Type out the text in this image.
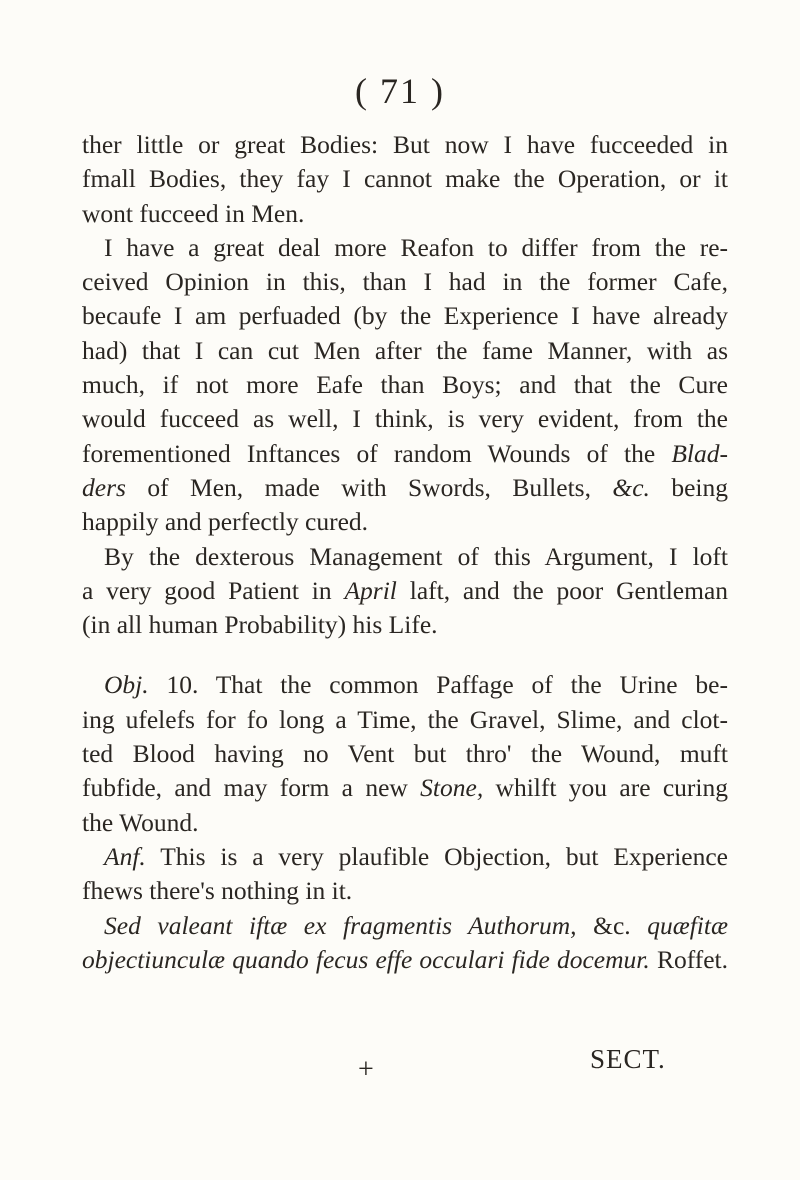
( 71 )
ther little or great Bodies: But now I have fucceeded in
fmall Bodies, they fay I cannot make the Operation, or it
wont fucceed in Men.
I have a great deal more Reafon to differ from the re-
ceived Opinion in this, than I had in the former Cafe,
becaufe I am perfuaded (by the Experience I have already
had) that I can cut Men after the fame Manner, with as
much, if not more Eafe than Boys; and that the Cure
would fucceed as well, I think, is very evident, from the
forementioned Inftances of random Wounds of the Blad-
ders of Men, made with Swords, Bullets, &c. being
happily and perfectly cured.
By the dexterous Management of this Argument, I loft
a very good Patient in April laft, and the poor Gentleman
(in all human Probability) his Life.
Obj. 10. That the common Paffage of the Urine be-
ing ufelefs for fo long a Time, the Gravel, Slime, and clot-
ted Blood having no Vent but thro' the Wound, muft
fubfide, and may form a new Stone, whilft you are curing
the Wound.
Anf. This is a very plaufible Objection, but Experience
fhews there's nothing in it.
Sed valeant iftæ ex fragmentis Authorum, &c. quæfitæ
objectiunculæ quando fecus effe occulari fide docemur. Roffet.
+	SECT.
